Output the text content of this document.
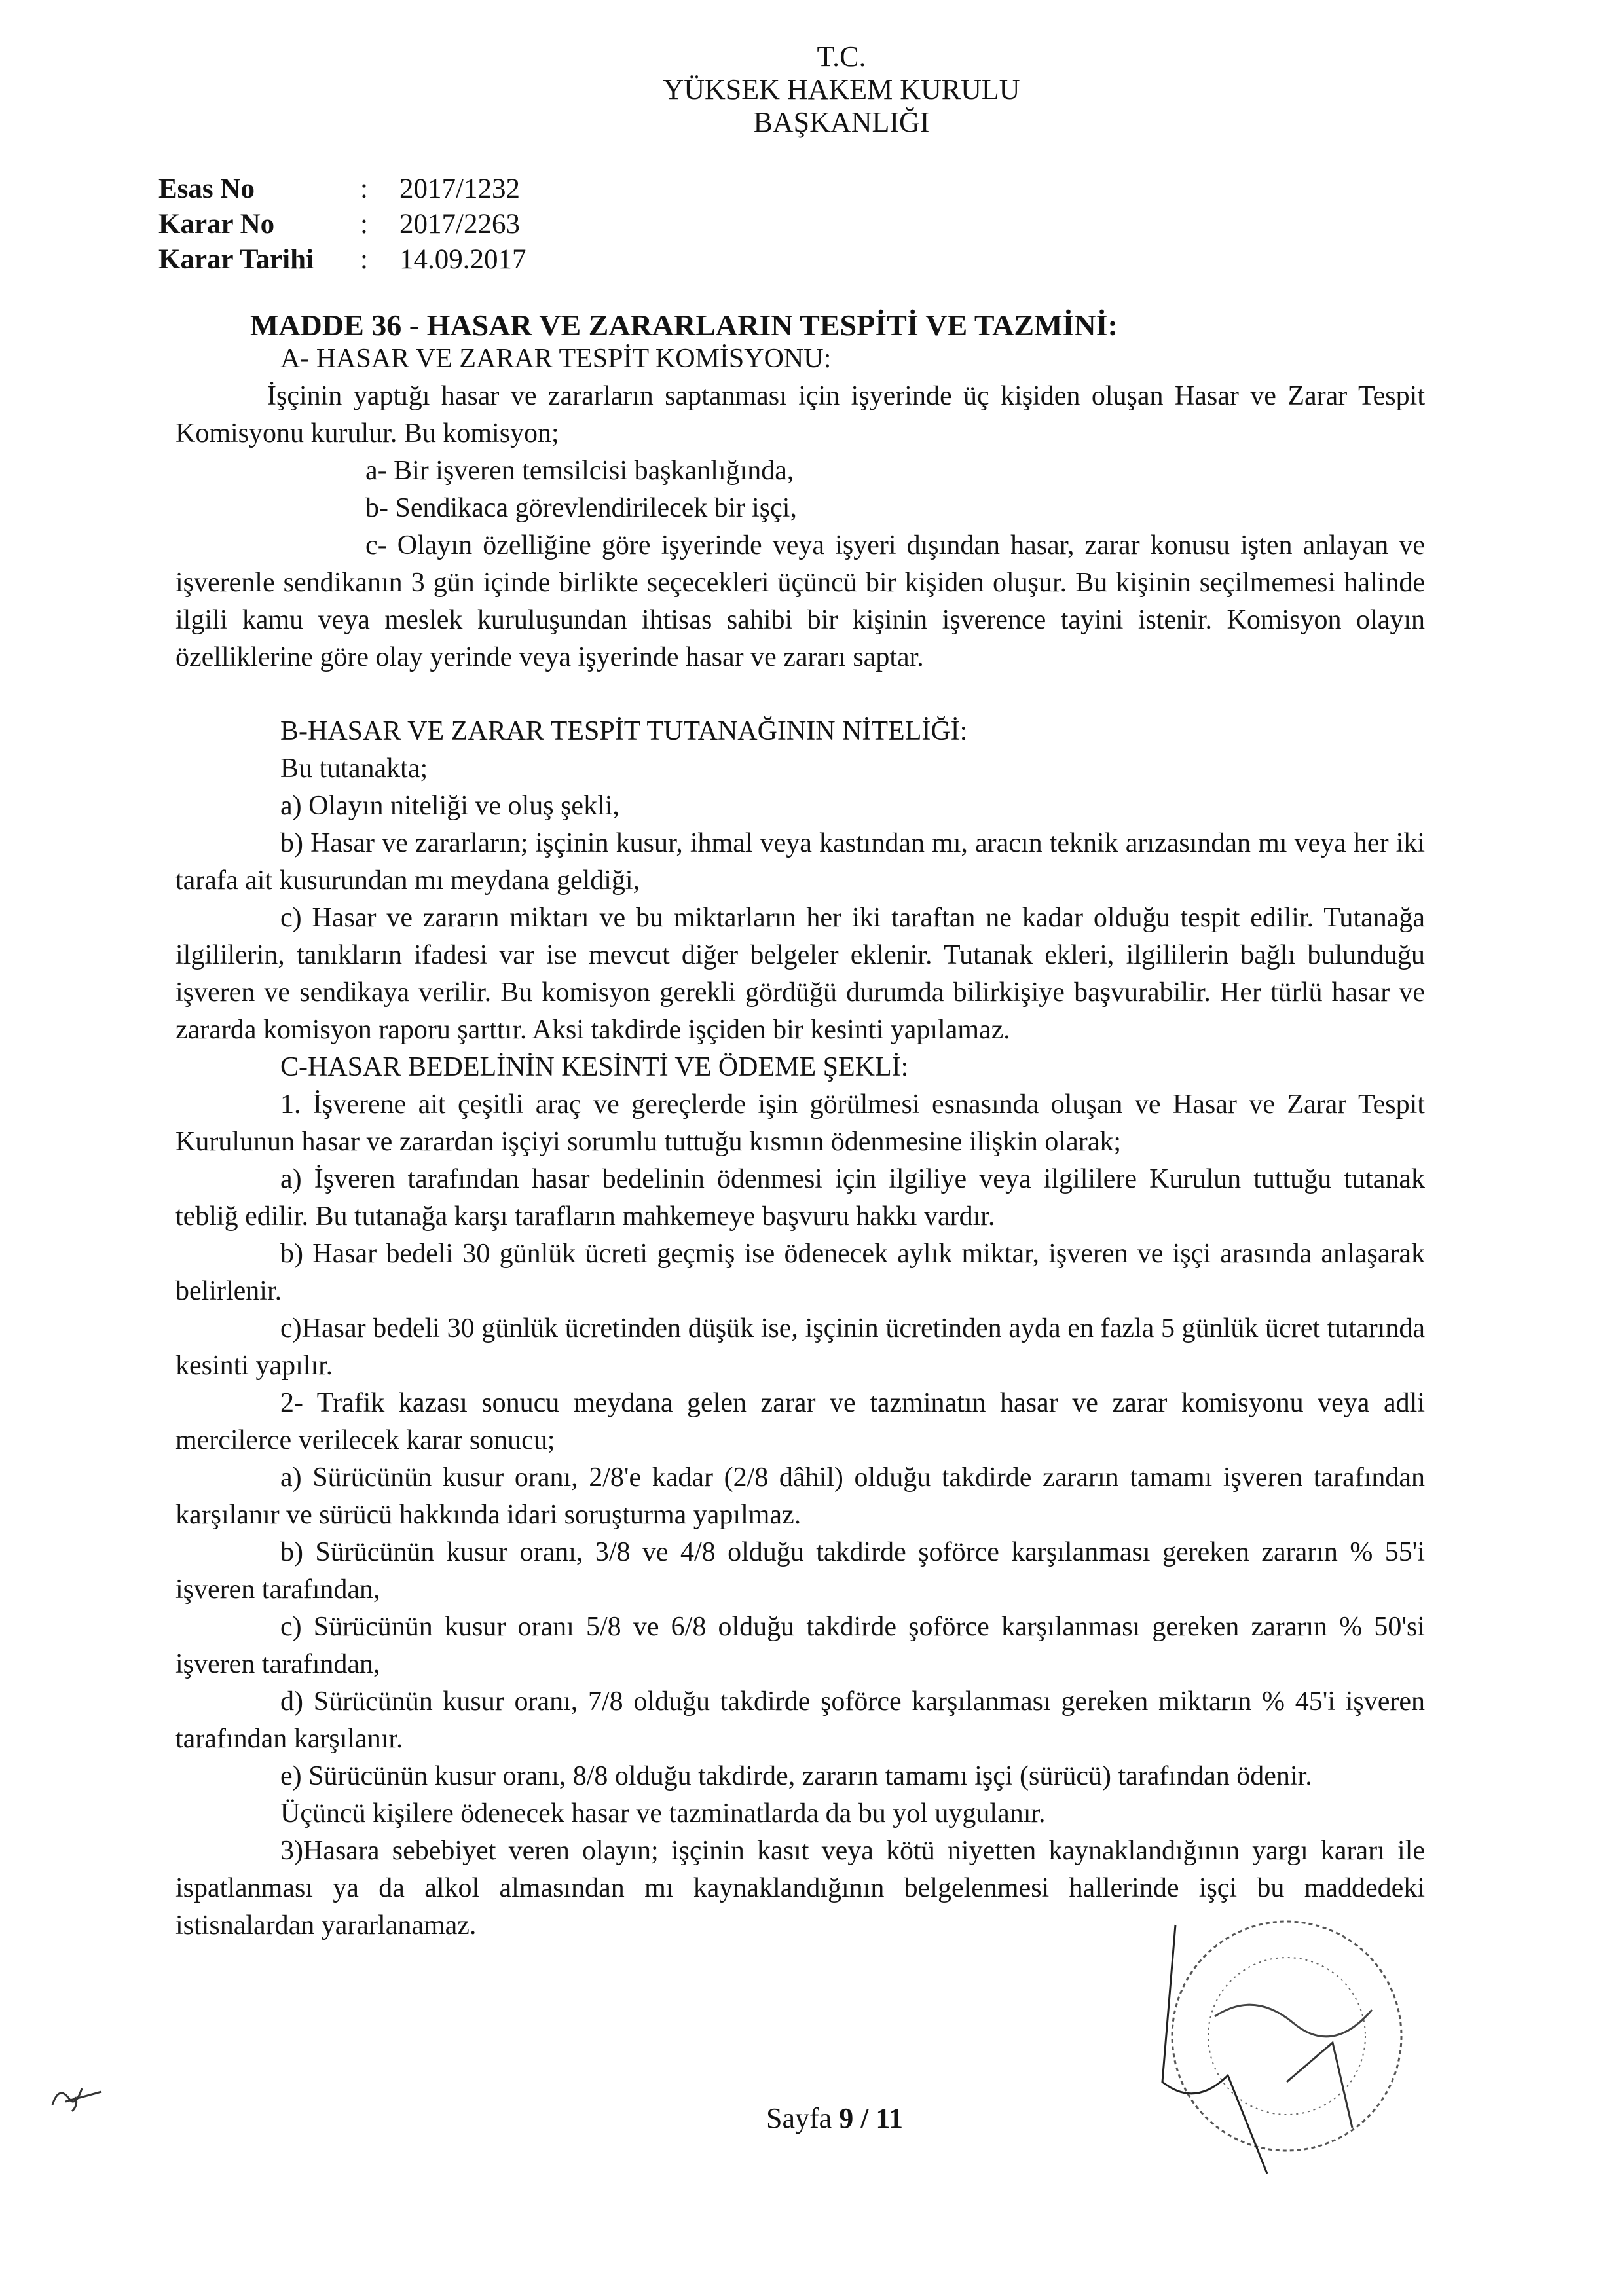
T.C.
YÜKSEK HAKEM KURULU
BAŞKANLIĞI
Esas No	:	2017/1232
Karar No	:	2017/2263
Karar Tarihi	:	14.09.2017
MADDE 36 - HASAR VE ZARARLARIN TESPİTİ VE TAZMİNİ:

A- HASAR VE ZARAR TESPİT KOMİSYONU:

İşçinin yaptığı hasar ve zararların saptanması için işyerinde üç kişiden oluşan Hasar ve Zarar Tespit Komisyonu kurulur. Bu komisyon;

a- Bir işveren temsilcisi başkanlığında,

b- Sendikaca görevlendirilecek bir işçi,

c- Olayın özelliğine göre işyerinde veya işyeri dışından hasar, zarar konusu işten anlayan ve işverenle sendikanın 3 gün içinde birlikte seçecekleri üçüncü bir kişiden oluşur. Bu kişinin seçilmemesi halinde ilgili kamu veya meslek kuruluşundan ihtisas sahibi bir kişinin işverence tayini istenir. Komisyon olayın özelliklerine göre olay yerinde veya işyerinde hasar ve zararı saptar.

B-HASAR VE ZARAR TESPİT TUTANAĞININ NİTELİĞİ:

Bu tutanakta;

a) Olayın niteliği ve oluş şekli,

b) Hasar ve zararların; işçinin kusur, ihmal veya kastından mı, aracın teknik arızasından mı veya her iki tarafa ait kusurundan mı meydana geldiği,

c) Hasar ve zararın miktarı ve bu miktarların her iki taraftan ne kadar olduğu tespit edilir. Tutanağa ilgililerin, tanıkların ifadesi var ise mevcut diğer belgeler eklenir. Tutanak ekleri, ilgililerin bağlı bulunduğu işveren ve sendikaya verilir. Bu komisyon gerekli gördüğü durumda bilirkişiye başvurabilir. Her türlü hasar ve zararda komisyon raporu şarttır. Aksi takdirde işçiden bir kesinti yapılamaz.

C-HASAR BEDELİNİN KESİNTİ VE ÖDEME ŞEKLİ:

1. İşverene ait çeşitli araç ve gereçlerde işin görülmesi esnasında oluşan ve Hasar ve Zarar Tespit Kurulunun hasar ve zarardan işçiyi sorumlu tuttuğu kısmın ödenmesine ilişkin olarak;

a) İşveren tarafından hasar bedelinin ödenmesi için ilgiliye veya ilgililere Kurulun tuttuğu tutanak tebliğ edilir. Bu tutanağa karşı tarafların mahkemeye başvuru hakkı vardır.

b) Hasar bedeli 30 günlük ücreti geçmiş ise ödenecek aylık miktar, işveren ve işçi arasında anlaşarak belirlenir.

c)Hasar bedeli 30 günlük ücretinden düşük ise, işçinin ücretinden ayda en fazla 5 günlük ücret tutarında kesinti yapılır.

2- Trafik kazası sonucu meydana gelen zarar ve tazminatın hasar ve zarar komisyonu veya adli mercilerce verilecek karar sonucu;

a) Sürücünün kusur oranı, 2/8'e kadar (2/8 dâhil) olduğu takdirde zararın tamamı işveren tarafından karşılanır ve sürücü hakkında idari soruşturma yapılmaz.

b) Sürücünün kusur oranı, 3/8 ve 4/8 olduğu takdirde şoförce karşılanması gereken zararın % 55'i işveren tarafından,

c) Sürücünün kusur oranı 5/8 ve 6/8 olduğu takdirde şoförce karşılanması gereken zararın % 50'si işveren tarafından,

d) Sürücünün kusur oranı, 7/8 olduğu takdirde şoförce karşılanması gereken miktarın % 45'i işveren tarafından karşılanır.

e) Sürücünün kusur oranı, 8/8 olduğu takdirde, zararın tamamı işçi (sürücü) tarafından ödenir.

Üçüncü kişilere ödenecek hasar ve tazminatlarda da bu yol uygulanır.

3)Hasara sebebiyet veren olayın; işçinin kasıt veya kötü niyetten kaynaklandığının yargı kararı ile ispatlanması ya da alkol almasından mı kaynaklandığının belgelenmesi hallerinde işçi bu maddedeki istisnalardan yararlanamaz.

Sayfa 9 / 11
